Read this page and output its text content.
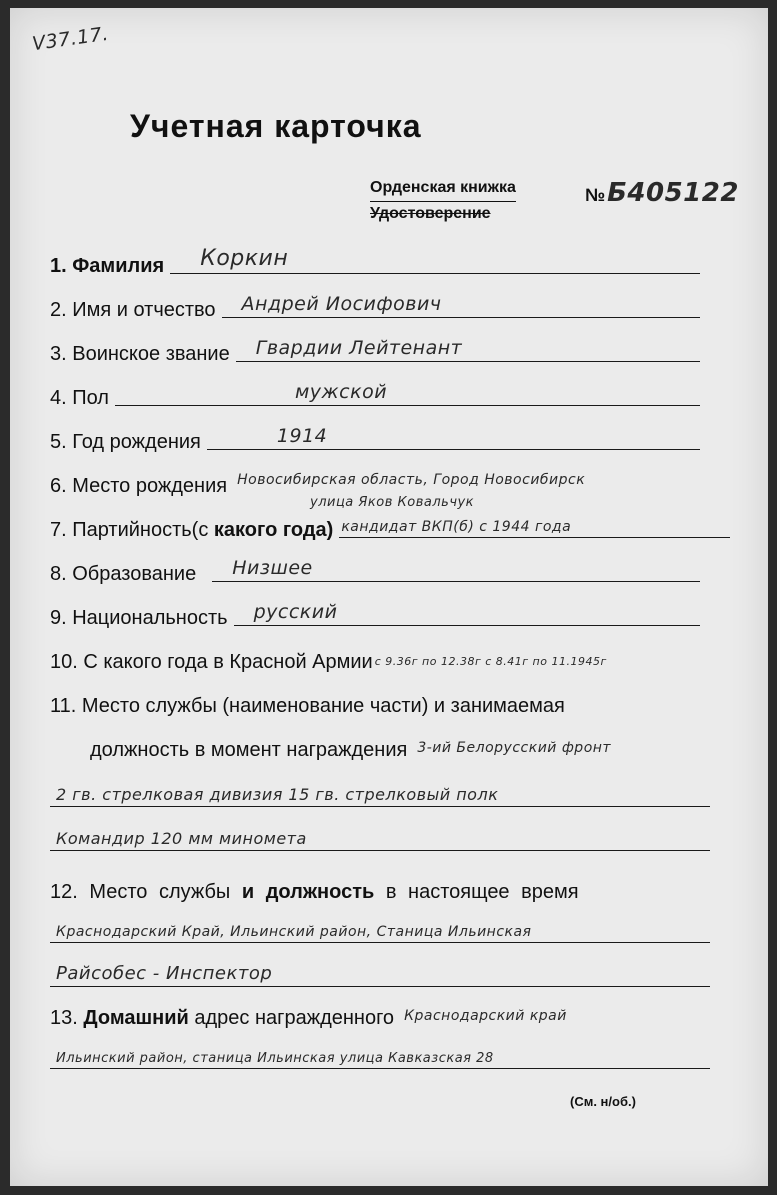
V37.17.
Учетная карточка
Орденская книжка
Удостоверение
№Б405122
1. Фамилия Коркин
2. Имя и отчество Андрей Иосифович
3. Воинское звание Гвардии Лейтенант
4. Пол	мужской
5. Год рождения	1914
6. Место рождения Новосибирская область, Город Новосибирск
улица Яков Ковальчук
7. Партийность(с какого года) кандидат ВКП(б) с 1944 года
8. Образование Низшее
9. Национальность русский
10. С какого года в Красной Армии с 9.36г по 12.38г с 8.41г по 11.1945г
11. Место службы (наименование части) и занимаемая
должность в момент награждения 3-ий Белорусский фронт
2 гв. стрелковая дивизия 15 гв. стрелковый полк
Командир 120 мм миномета
12. Место службы и должность в настоящее время
Краснодарский Край, Ильинский район, Станица Ильинская
Райсобес - Инспектор
13. Домашний адрес награжденного Краснодарский край
Ильинский район, станица Ильинская улица Кавказская 28
(См. н/об.)
